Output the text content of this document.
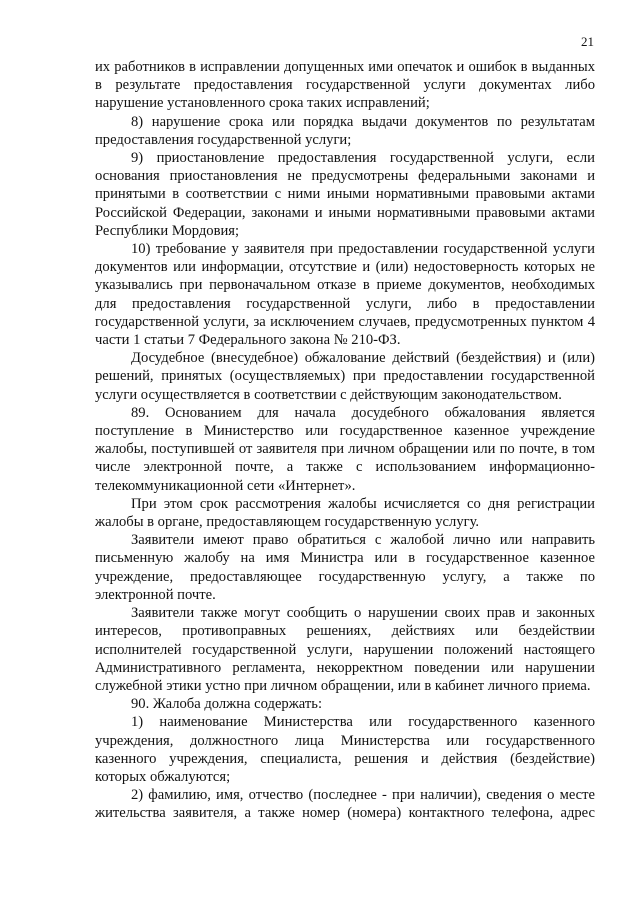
21

их работников в исправлении допущенных ими опечаток и ошибок в выданных в результате предоставления государственной услуги документах либо нарушение установленного срока таких исправлений;

8) нарушение срока или порядка выдачи документов по результатам предоставления государственной услуги;

9) приостановление предоставления государственной услуги, если основания приостановления не предусмотрены федеральными законами и принятыми в соответствии с ними иными нормативными правовыми актами Российской Федерации, законами и иными нормативными правовыми актами Республики Мордовия;

10) требование у заявителя при предоставлении государственной услуги документов или информации, отсутствие и (или) недостоверность которых не указывались при первоначальном отказе в приеме документов, необходимых для предоставления государственной услуги, либо в предоставлении государственной услуги, за исключением случаев, предусмотренных пунктом 4 части 1 статьи 7 Федерального закона № 210-ФЗ.

Досудебное (внесудебное) обжалование действий (бездействия) и (или) решений, принятых (осуществляемых) при предоставлении государственной услуги осуществляется в соответствии с действующим законодательством.

89. Основанием для начала досудебного обжалования является поступление в Министерство или государственное казенное учреждение жалобы, поступившей от заявителя при личном обращении или по почте, в том числе электронной почте, а также с использованием информационно-телекоммуникационной сети «Интернет».

При этом срок рассмотрения жалобы исчисляется со дня регистрации жалобы в органе, предоставляющем государственную услугу.

Заявители имеют право обратиться с жалобой лично или направить письменную жалобу на имя Министра или в государственное казенное учреждение, предоставляющее государственную услугу, а также по электронной почте.

Заявители также могут сообщить о нарушении своих прав и законных интересов, противоправных решениях, действиях или бездействии исполнителей государственной услуги, нарушении положений настоящего Административного регламента, некорректном поведении или нарушении служебной этики устно при личном обращении, или в кабинет личного приема.

90. Жалоба должна содержать:

1) наименование Министерства или государственного казенного учреждения, должностного лица Министерства или государственного казенного учреждения, специалиста, решения и действия (бездействие) которых обжалуются;

2) фамилию, имя, отчество (последнее - при наличии), сведения о месте жительства заявителя, а также номер (номера) контактного телефона, адрес
